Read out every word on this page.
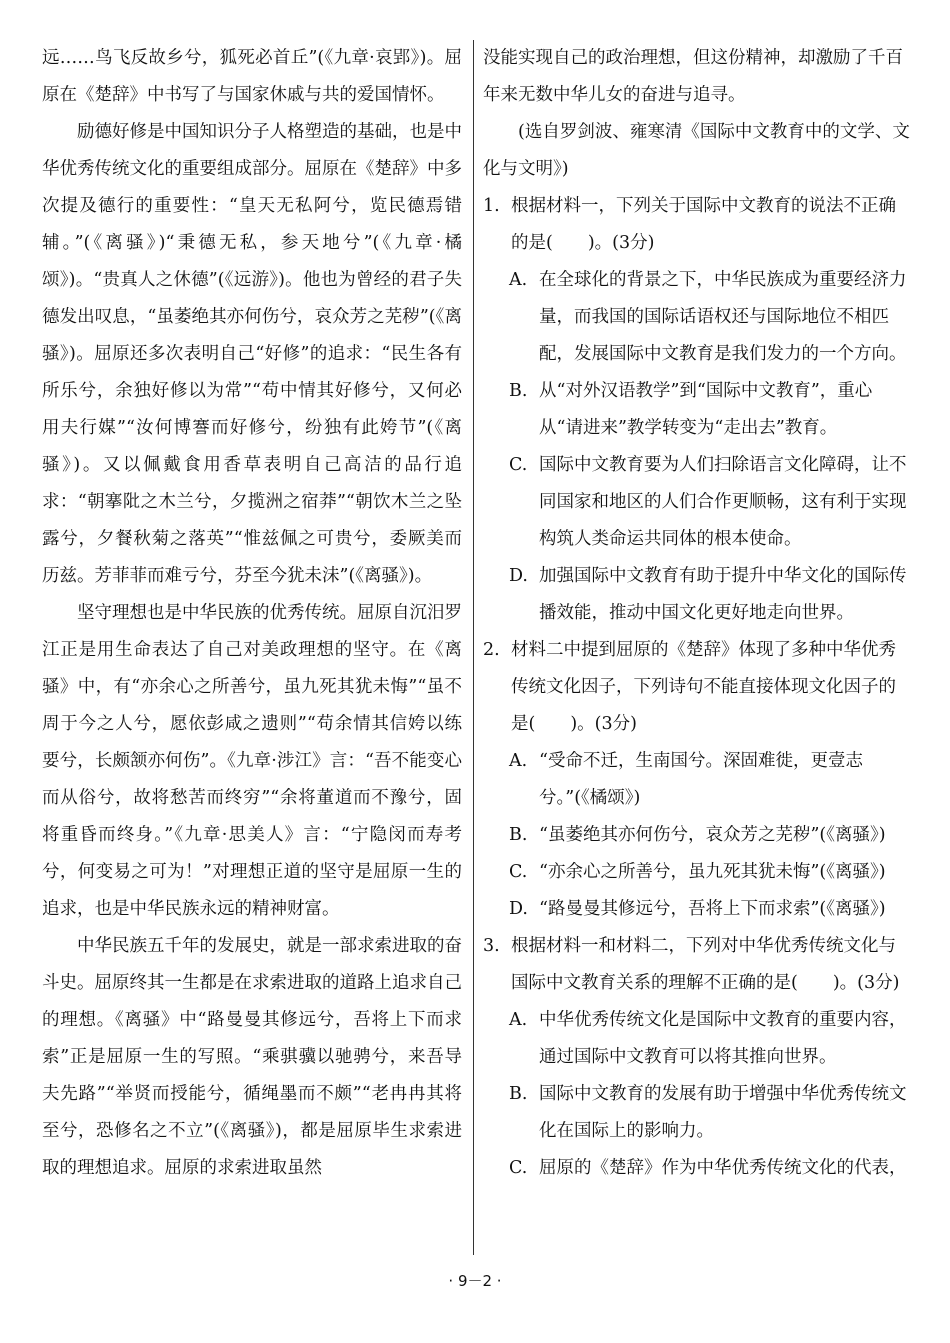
远……鸟飞反故乡兮，狐死必首丘”(《九章·哀郢》)。屈原在《楚辞》中书写了与国家休戚与共的爱国情怀。

励德好修是中国知识分子人格塑造的基础，也是中华优秀传统文化的重要组成部分。屈原在《楚辞》中多次提及德行的重要性：“皇天无私阿兮，览民德焉错辅。”(《离骚》)“秉德无私，参天地兮”(《九章·橘颂》)。“贵真人之休德”(《远游》)。他也为曾经的君子失德发出叹息，“虽萎绝其亦何伤兮，哀众芳之芜秽”(《离骚》)。屈原还多次表明自己“好修”的追求：“民生各有所乐兮，余独好修以为常”“苟中情其好修兮，又何必用夫行媒”“汝何博謇而好修兮，纷独有此姱节”(《离骚》)。又以佩戴食用香草表明自己高洁的品行追求：“朝搴阰之木兰兮，夕揽洲之宿莽”“朝饮木兰之坠露兮，夕餐秋菊之落英”“惟兹佩之可贵兮，委厥美而历兹。芳菲菲而难亏兮，芬至今犹未沬”(《离骚》)。

坚守理想也是中华民族的优秀传统。屈原自沉汨罗江正是用生命表达了自己对美政理想的坚守。在《离骚》中，有“亦余心之所善兮，虽九死其犹未悔”“虽不周于今之人兮，愿依彭咸之遗则”“苟余情其信姱以练要兮，长颇颔亦何伤”。《九章·涉江》言：“吾不能变心而从俗兮，故将愁苦而终穷”“余将董道而不豫兮，固将重昏而终身。”《九章·思美人》言：“宁隐闵而寿考兮，何变易之可为！”对理想正道的坚守是屈原一生的追求，也是中华民族永远的精神财富。

中华民族五千年的发展史，就是一部求索进取的奋斗史。屈原终其一生都是在求索进取的道路上追求自己的理想。《离骚》中“路曼曼其修远兮，吾将上下而求索”正是屈原一生的写照。“乘骐骥以驰骋兮，来吾导夫先路”“举贤而授能兮，循绳墨而不颇”“老冉冉其将至兮，恐修名之不立”(《离骚》)，都是屈原毕生求索进取的理想追求。屈原的求索进取虽然

没能实现自己的政治理想，但这份精神，却激励了千百年来无数中华儿女的奋进与追寻。

(选自罗剑波、雍寒清《国际中文教育中的文学、文化与文明》)

1. 根据材料一，下列关于国际中文教育的说法不正确的是(　　)。(3分)

A. 在全球化的背景之下，中华民族成为重要经济力量，而我国的国际话语权还与国际地位不相匹配，发展国际中文教育是我们发力的一个方向。

B. 从“对外汉语教学”到“国际中文教育”，重心从“请进来”教学转变为“走出去”教育。

C. 国际中文教育要为人们扫除语言文化障碍，让不同国家和地区的人们合作更顺畅，这有利于实现构筑人类命运共同体的根本使命。

D. 加强国际中文教育有助于提升中华文化的国际传播效能，推动中国文化更好地走向世界。

2. 材料二中提到屈原的《楚辞》体现了多种中华优秀传统文化因子，下列诗句不能直接体现文化因子的是(　　)。(3分)

A. “受命不迁，生南国兮。深固难徙，更壹志兮。”(《橘颂》)

B. “虽萎绝其亦何伤兮，哀众芳之芜秽”(《离骚》)

C. “亦余心之所善兮，虽九死其犹未悔”(《离骚》)

D. “路曼曼其修远兮，吾将上下而求索”(《离骚》)

3. 根据材料一和材料二，下列对中华优秀传统文化与国际中文教育关系的理解不正确的是(　　)。(3分)

A. 中华优秀传统文化是国际中文教育的重要内容，通过国际中文教育可以将其推向世界。

B. 国际中文教育的发展有助于增强中华优秀传统文化在国际上的影响力。

C. 屈原的《楚辞》作为中华优秀传统文化的代表，

· 9－2 ·
